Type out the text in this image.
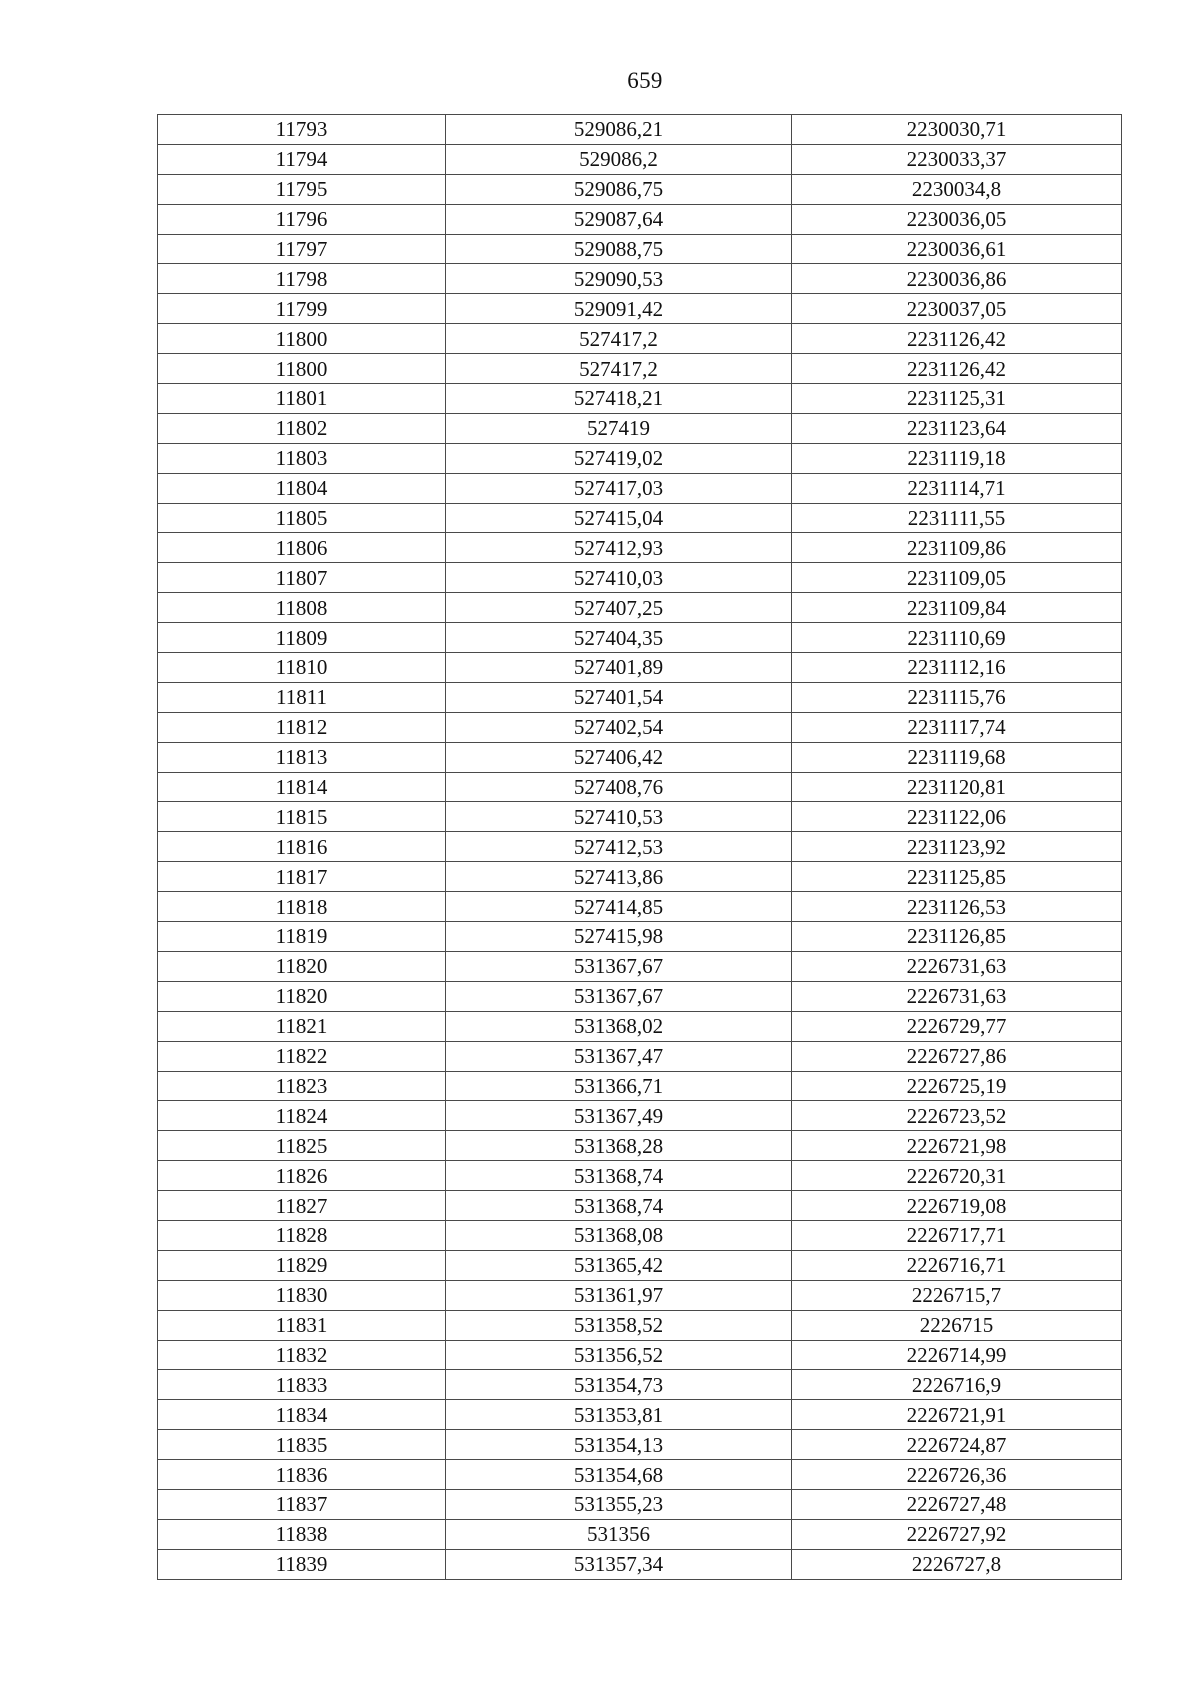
659
11793	529086,21	2230030,71
11794	529086,2	2230033,37
11795	529086,75	2230034,8
11796	529087,64	2230036,05
11797	529088,75	2230036,61
11798	529090,53	2230036,86
11799	529091,42	2230037,05
11800	527417,2	2231126,42
11800	527417,2	2231126,42
11801	527418,21	2231125,31
11802	527419	2231123,64
11803	527419,02	2231119,18
11804	527417,03	2231114,71
11805	527415,04	2231111,55
11806	527412,93	2231109,86
11807	527410,03	2231109,05
11808	527407,25	2231109,84
11809	527404,35	2231110,69
11810	527401,89	2231112,16
11811	527401,54	2231115,76
11812	527402,54	2231117,74
11813	527406,42	2231119,68
11814	527408,76	2231120,81
11815	527410,53	2231122,06
11816	527412,53	2231123,92
11817	527413,86	2231125,85
11818	527414,85	2231126,53
11819	527415,98	2231126,85
11820	531367,67	2226731,63
11820	531367,67	2226731,63
11821	531368,02	2226729,77
11822	531367,47	2226727,86
11823	531366,71	2226725,19
11824	531367,49	2226723,52
11825	531368,28	2226721,98
11826	531368,74	2226720,31
11827	531368,74	2226719,08
11828	531368,08	2226717,71
11829	531365,42	2226716,71
11830	531361,97	2226715,7
11831	531358,52	2226715
11832	531356,52	2226714,99
11833	531354,73	2226716,9
11834	531353,81	2226721,91
11835	531354,13	2226724,87
11836	531354,68	2226726,36
11837	531355,23	2226727,48
11838	531356	2226727,92
11839	531357,34	2226727,8
